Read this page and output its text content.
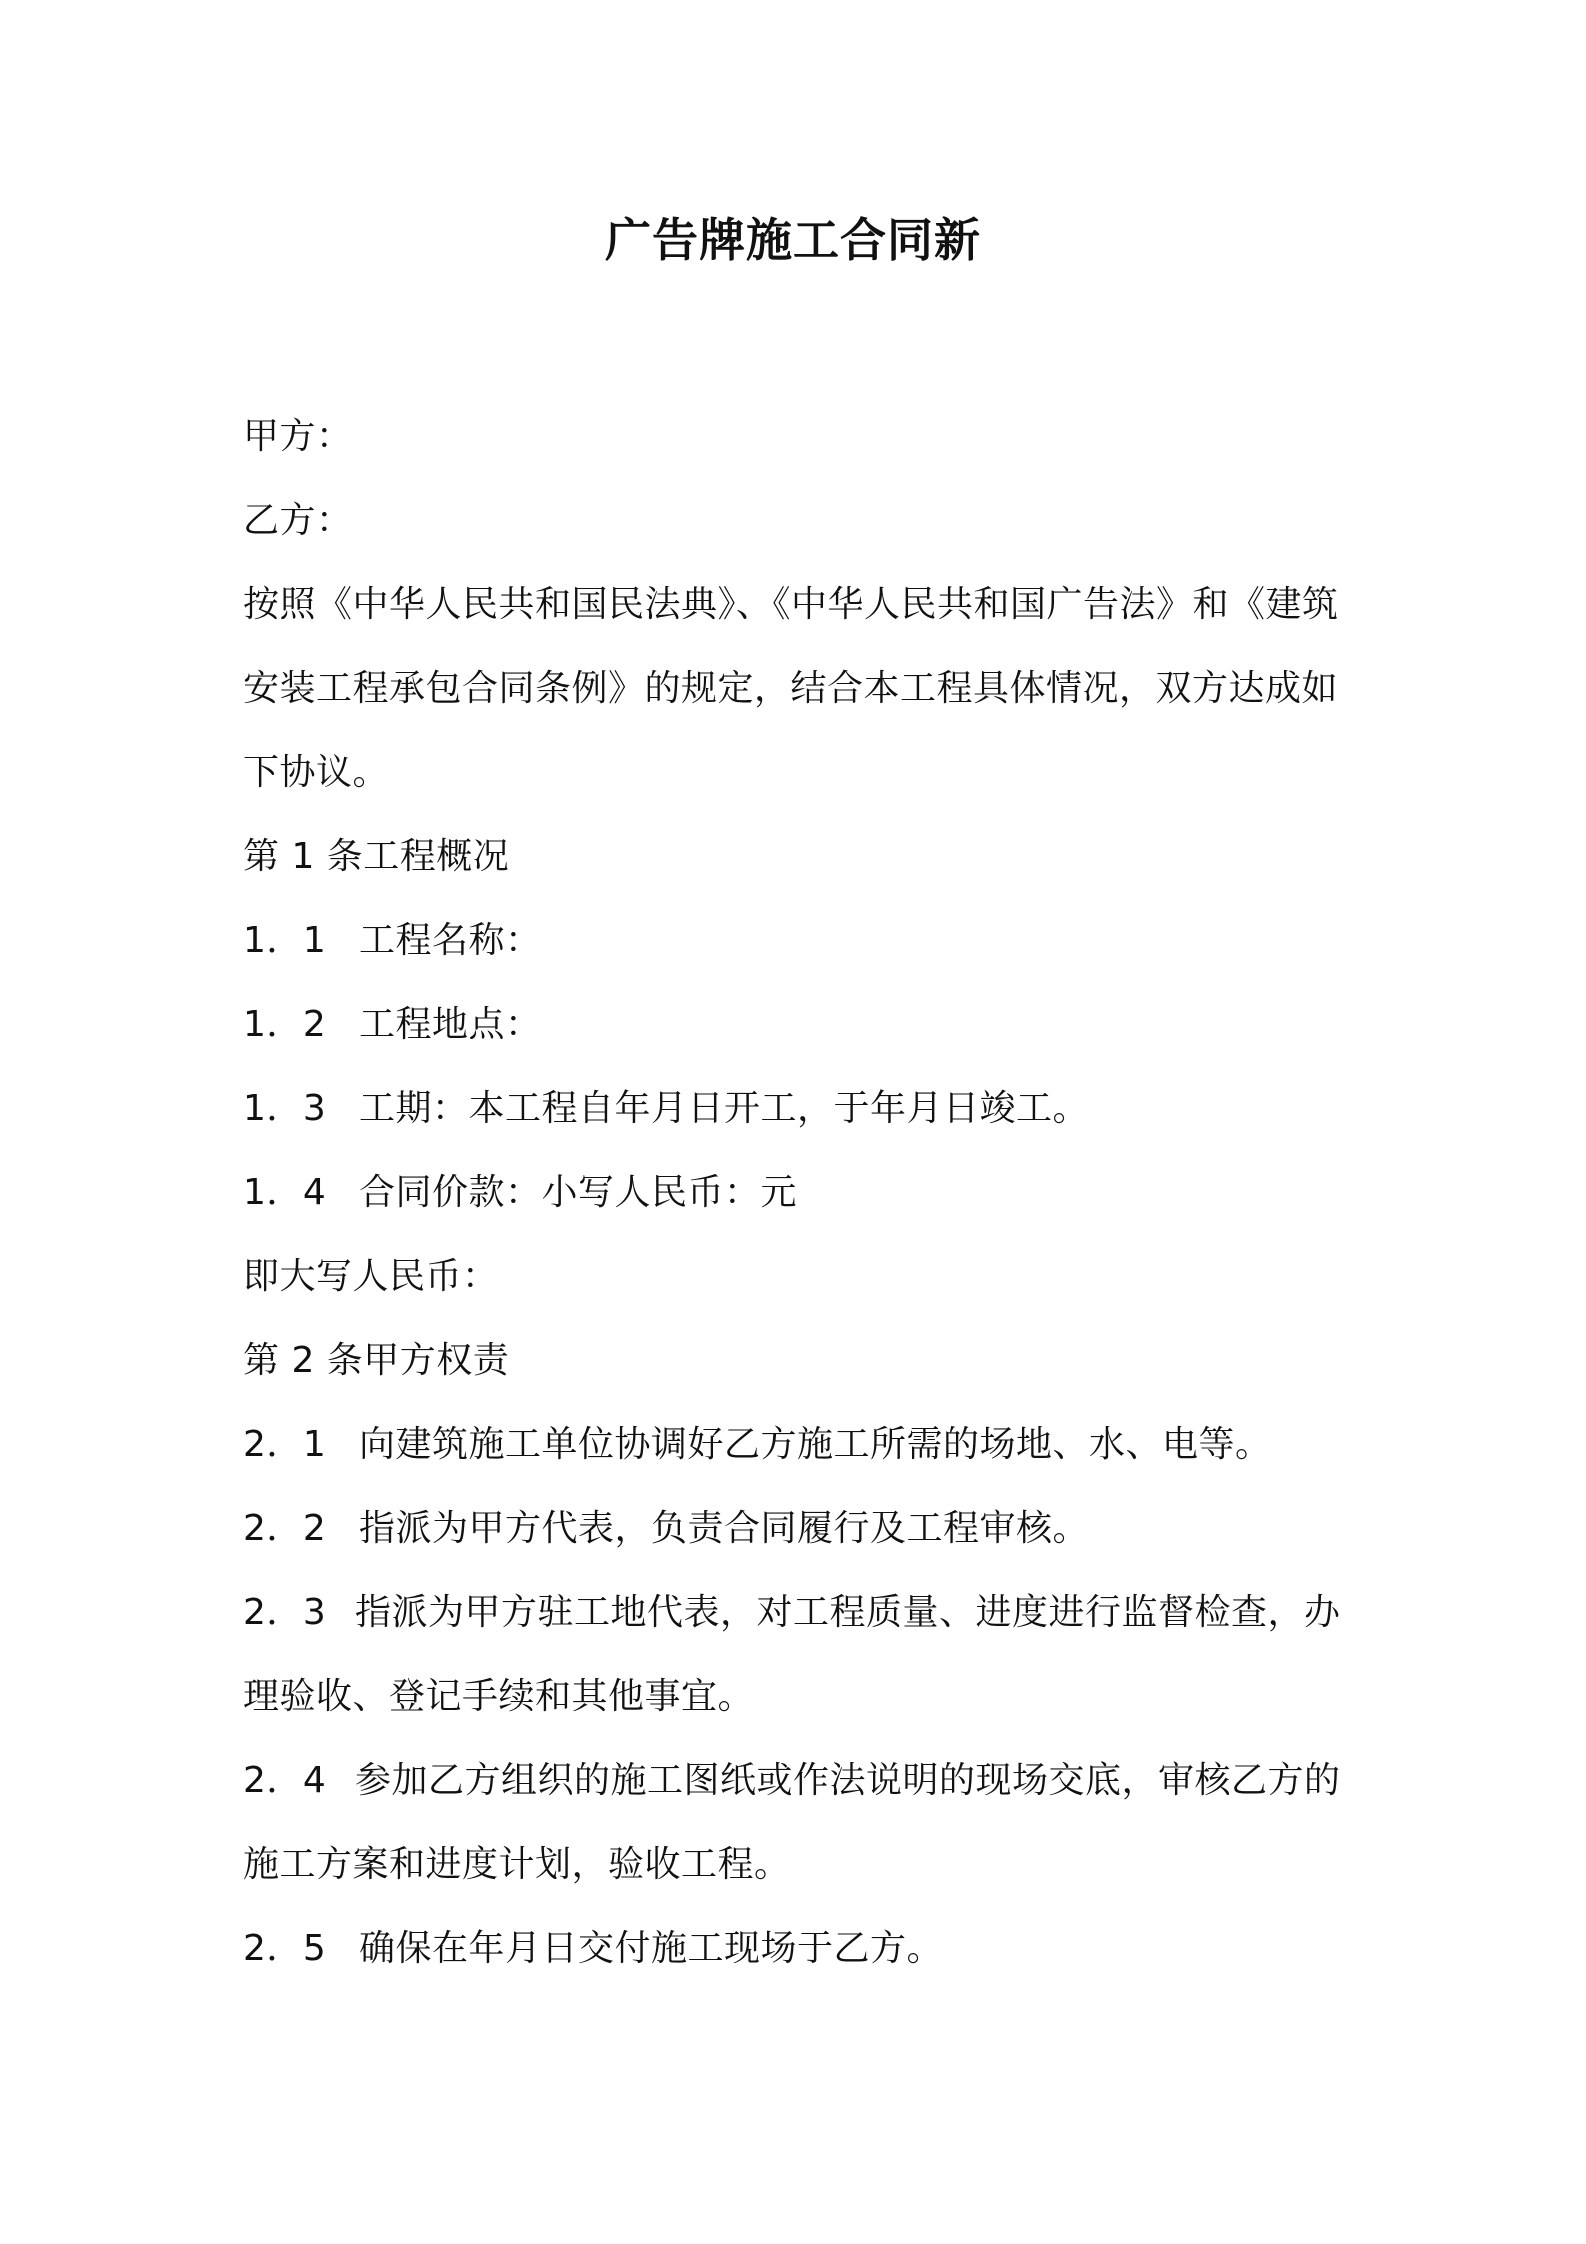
广告牌施工合同新
甲方：
乙方：
按照《中华人民共和国民法典》、《中华人民共和国广告法》和《建筑
安装工程承包合同条例》的规定，结合本工程具体情况，双方达成如
下协议。
第 1 条工程概况
1．1 工程名称：
1．2 工程地点：
1．3 工期：本工程自年月日开工，于年月日竣工。
1．4 合同价款：小写人民币：元
即大写人民币：
第 2 条甲方权责
2．1 向建筑施工单位协调好乙方施工所需的场地、水、电等。
2．2 指派为甲方代表，负责合同履行及工程审核。
2．3 指派为甲方驻工地代表，对工程质量、进度进行监督检查，办
理验收、登记手续和其他事宜。
2．4 参加乙方组织的施工图纸或作法说明的现场交底，审核乙方的
施工方案和进度计划，验收工程。
2．5 确保在年月日交付施工现场于乙方。
